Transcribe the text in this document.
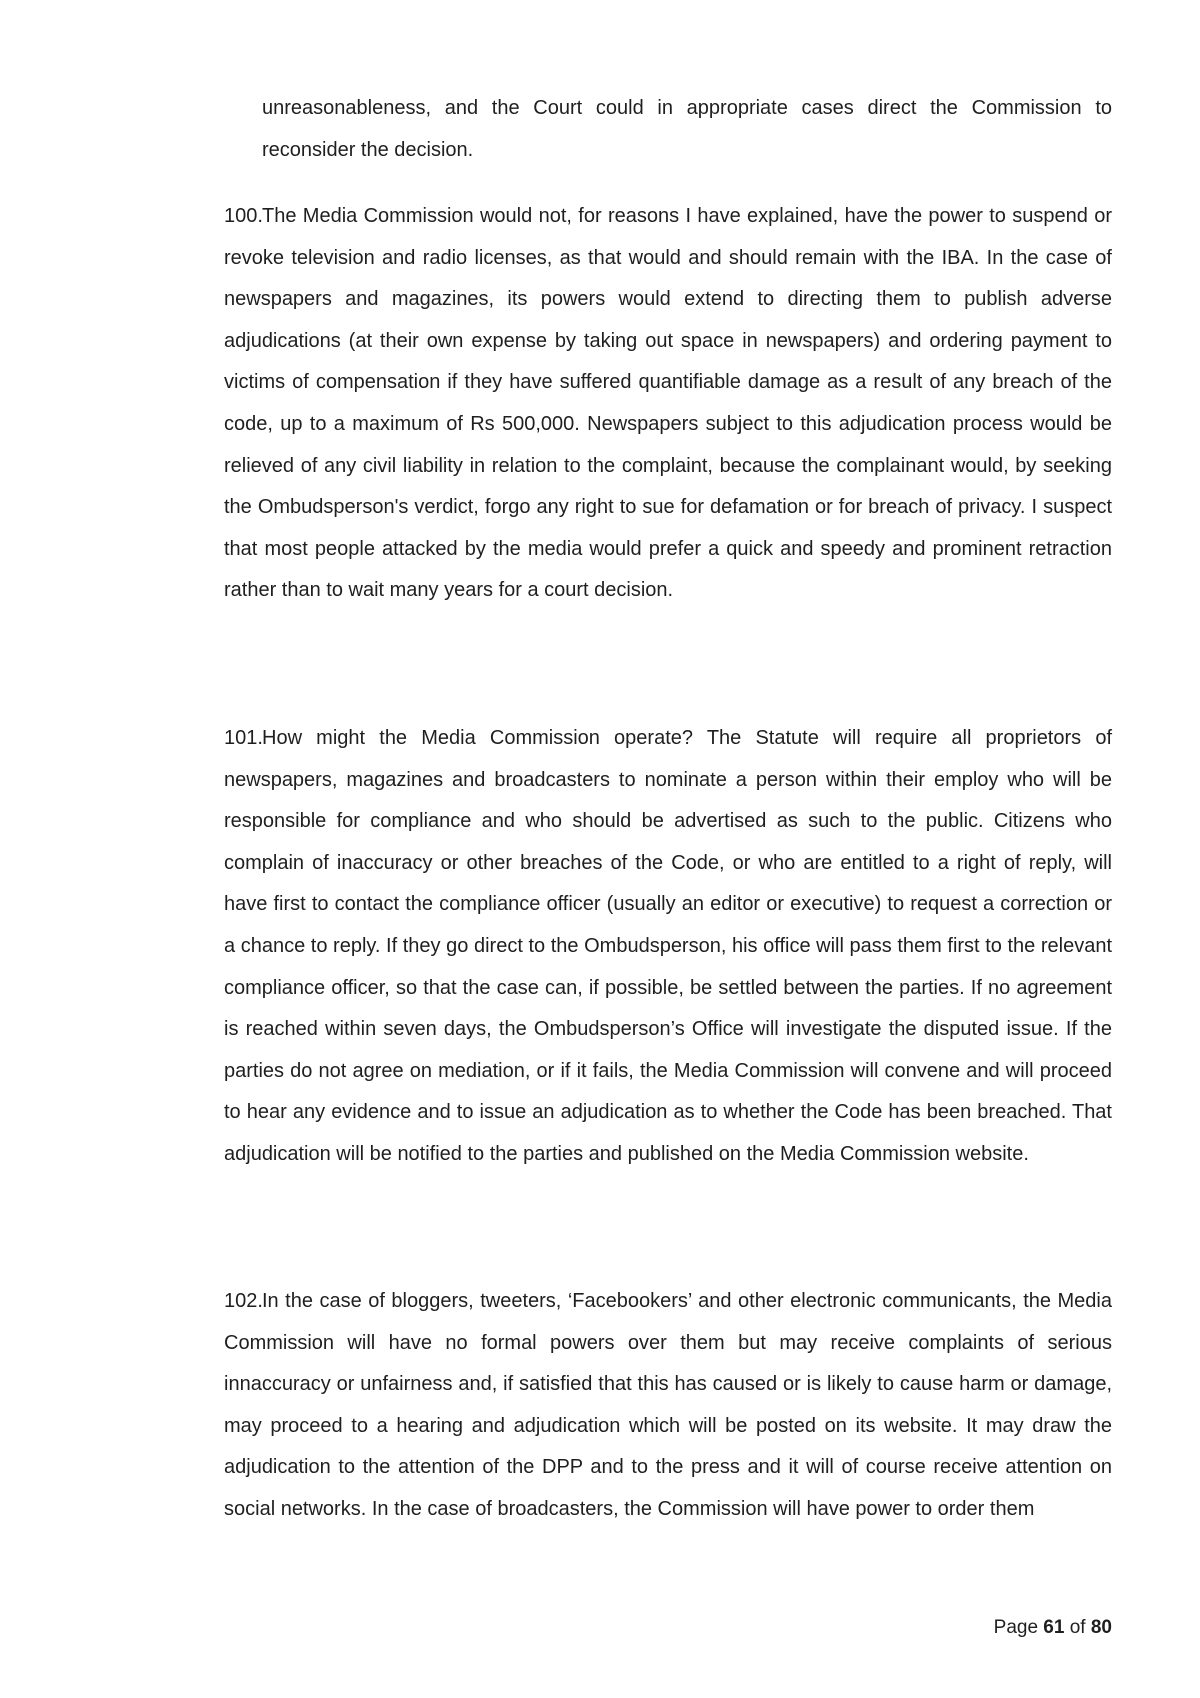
unreasonableness, and the Court could in appropriate cases direct the Commission to reconsider the decision.

100. The Media Commission would not, for reasons I have explained, have the power to suspend or revoke television and radio licenses, as that would and should remain with the IBA. In the case of newspapers and magazines, its powers would extend to directing them to publish adverse adjudications (at their own expense by taking out space in newspapers) and ordering payment to victims of compensation if they have suffered quantifiable damage as a result of any breach of the code, up to a maximum of Rs 500,000. Newspapers subject to this adjudication process would be relieved of any civil liability in relation to the complaint, because the complainant would, by seeking the Ombudsperson's verdict, forgo any right to sue for defamation or for breach of privacy. I suspect that most people attacked by the media would prefer a quick and speedy and prominent retraction rather than to wait many years for a court decision.

101. How might the Media Commission operate? The Statute will require all proprietors of newspapers, magazines and broadcasters to nominate a person within their employ who will be responsible for compliance and who should be advertised as such to the public. Citizens who complain of inaccuracy or other breaches of the Code, or who are entitled to a right of reply, will have first to contact the compliance officer (usually an editor or executive) to request a correction or a chance to reply. If they go direct to the Ombudsperson, his office will pass them first to the relevant compliance officer, so that the case can, if possible, be settled between the parties. If no agreement is reached within seven days, the Ombudsperson’s Office will investigate the disputed issue. If the parties do not agree on mediation, or if it fails, the Media Commission will convene and will proceed to hear any evidence and to issue an adjudication as to whether the Code has been breached. That adjudication will be notified to the parties and published on the Media Commission website.

102. In the case of bloggers, tweeters, ‘Facebookers’ and other electronic communicants, the Media Commission will have no formal powers over them but may receive complaints of serious innaccuracy or unfairness and, if satisfied that this has caused or is likely to cause harm or damage, may proceed to a hearing and adjudication which will be posted on its website. It may draw the adjudication to the attention of the DPP and to the press and it will of course receive attention on social networks. In the case of broadcasters, the Commission will have power to order them

Page 61 of 80
